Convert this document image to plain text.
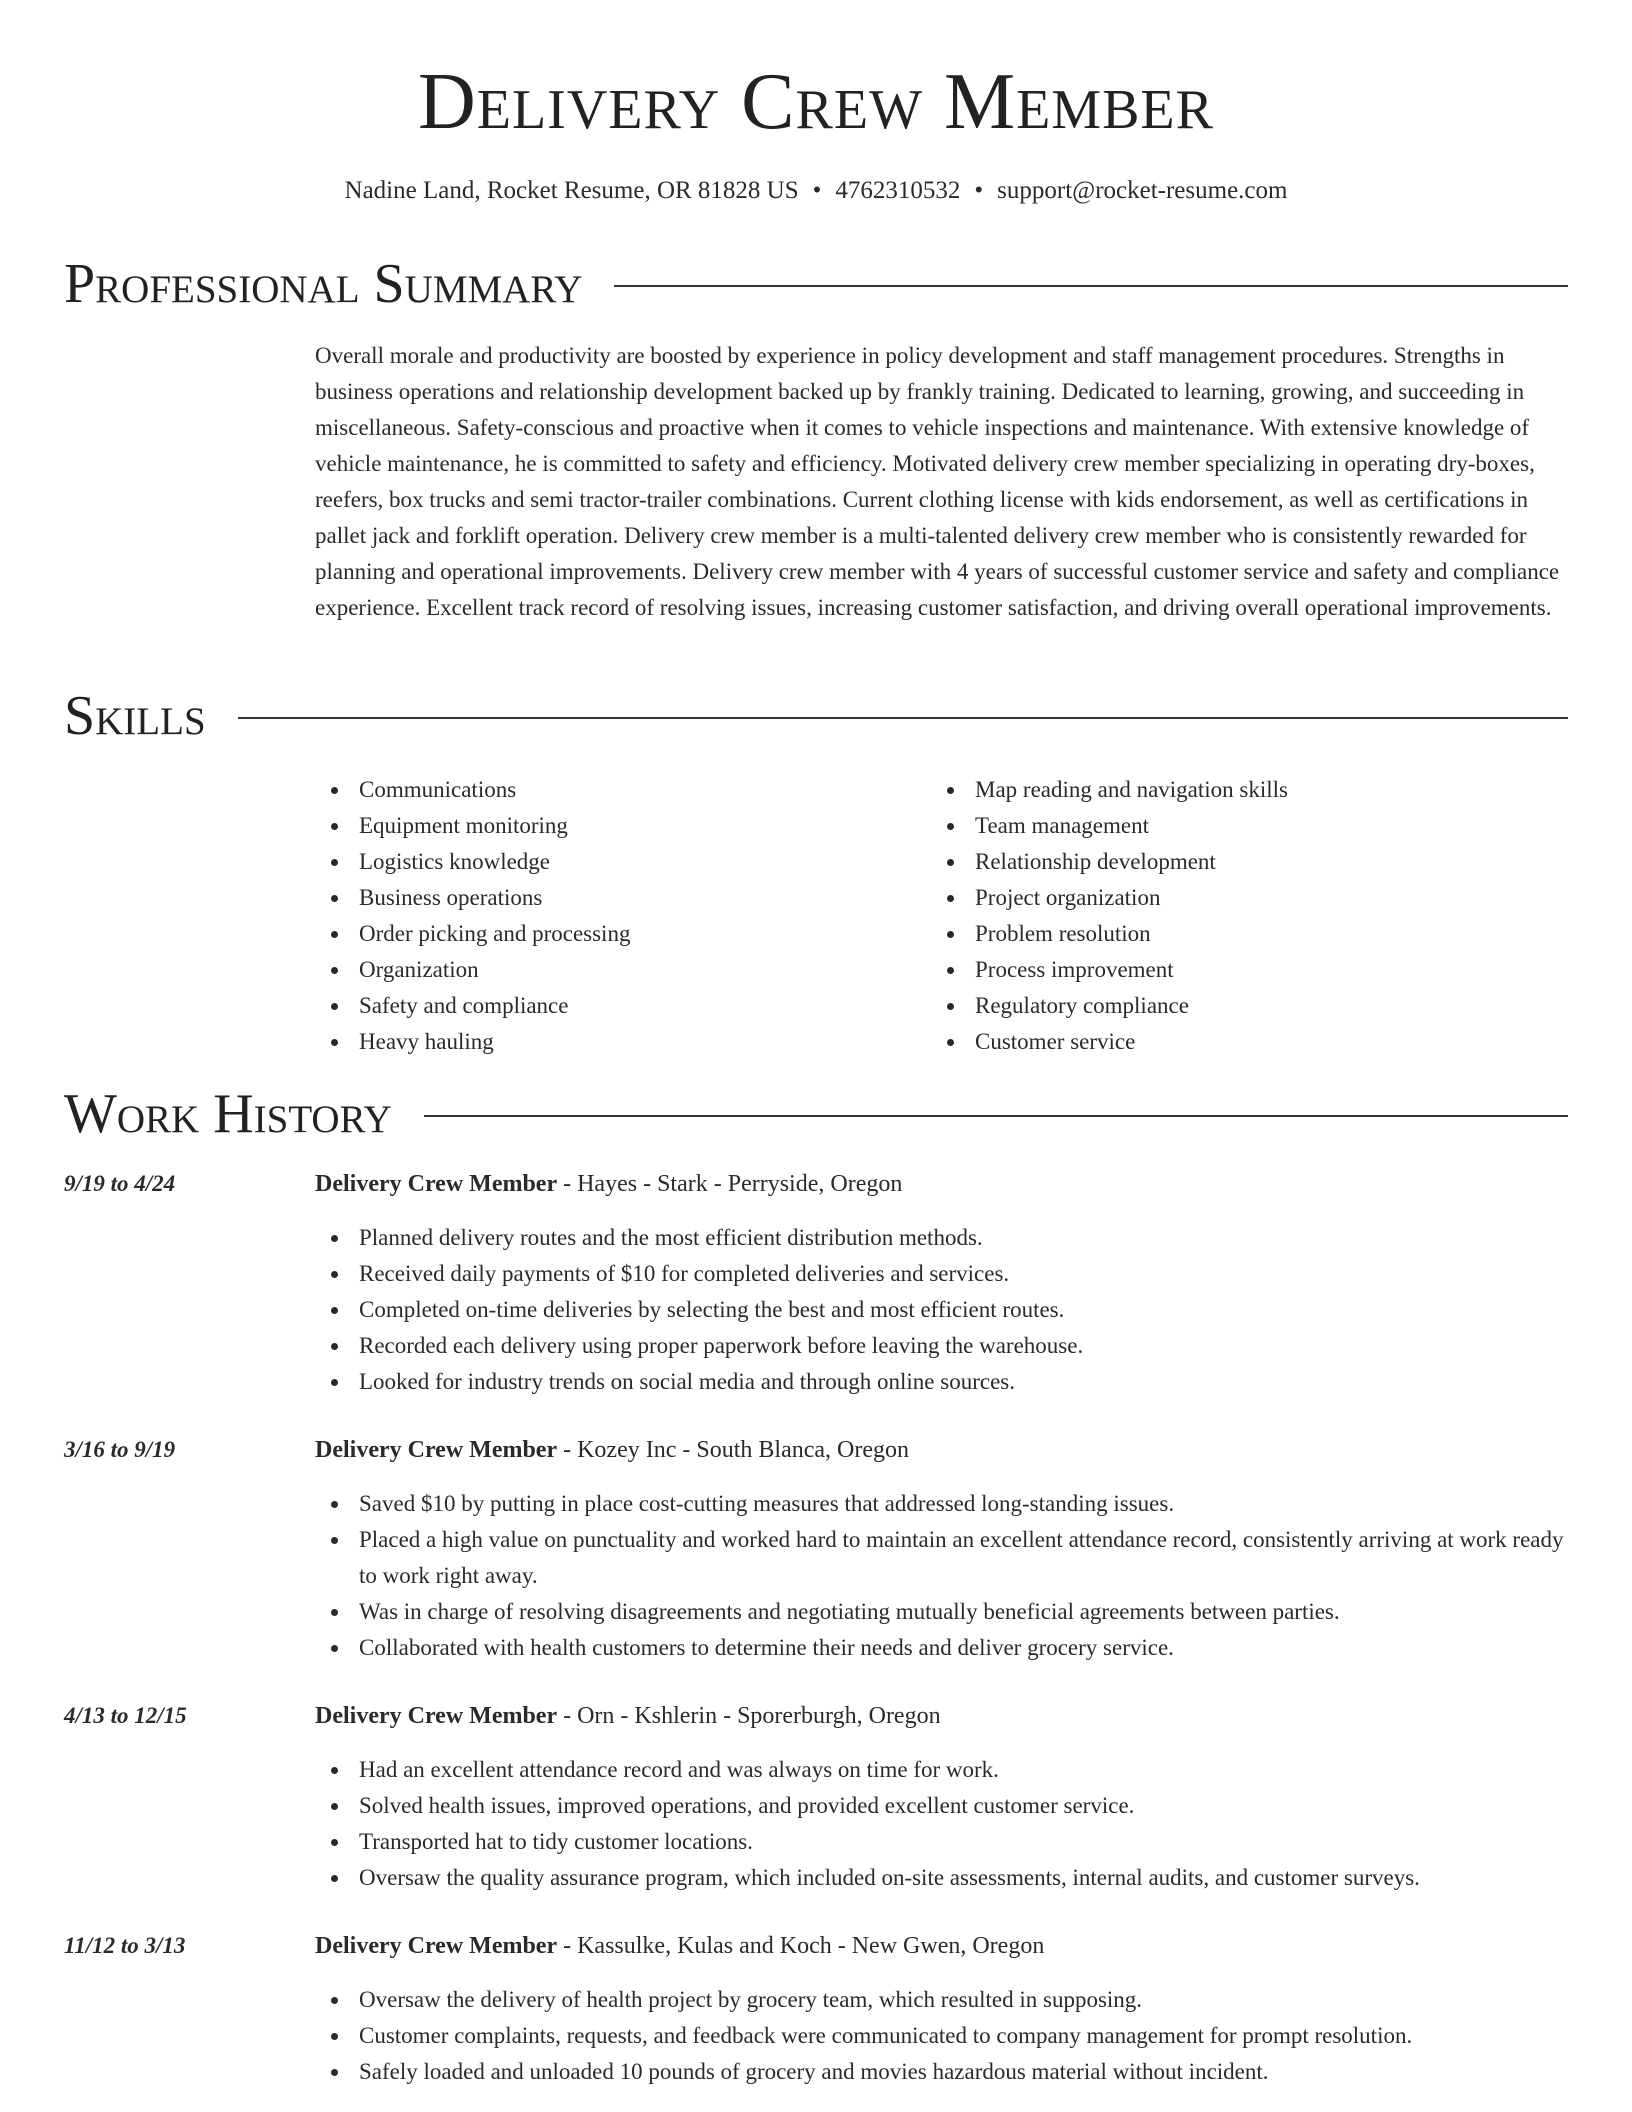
Delivery Crew Member
Nadine Land, Rocket Resume, OR 81828 US • 4762310532 • support@rocket-resume.com
Professional Summary

Overall morale and productivity are boosted by experience in policy development and staff management procedures. Strengths in business operations and relationship development backed up by frankly training. Dedicated to learning, growing, and succeeding in miscellaneous. Safety-conscious and proactive when it comes to vehicle inspections and maintenance. With extensive knowledge of vehicle maintenance, he is committed to safety and efficiency. Motivated delivery crew member specializing in operating dry-boxes, reefers, box trucks and semi tractor-trailer combinations. Current clothing license with kids endorsement, as well as certifications in pallet jack and forklift operation. Delivery crew member is a multi-talented delivery crew member who is consistently rewarded for planning and operational improvements. Delivery crew member with 4 years of successful customer service and safety and compliance experience. Excellent track record of resolving issues, increasing customer satisfaction, and driving overall operational improvements.

Skills
Communications
Equipment monitoring
Logistics knowledge
Business operations
Order picking and processing
Organization
Safety and compliance
Heavy hauling
Map reading and navigation skills
Team management
Relationship development
Project organization
Problem resolution
Process improvement
Regulatory compliance
Customer service
Work History
9/19 to 4/24	Delivery Crew Member - Hayes - Stark - Perryside, Oregon
Planned delivery routes and the most efficient distribution methods.
Received daily payments of $10 for completed deliveries and services.
Completed on-time deliveries by selecting the best and most efficient routes.
Recorded each delivery using proper paperwork before leaving the warehouse.
Looked for industry trends on social media and through online sources.
3/16 to 9/19	Delivery Crew Member - Kozey Inc - South Blanca, Oregon
Saved $10 by putting in place cost-cutting measures that addressed long-standing issues.
Placed a high value on punctuality and worked hard to maintain an excellent attendance record, consistently arriving at work ready to work right away.
Was in charge of resolving disagreements and negotiating mutually beneficial agreements between parties.
Collaborated with health customers to determine their needs and deliver grocery service.
4/13 to 12/15	Delivery Crew Member - Orn - Kshlerin - Sporerburgh, Oregon
Had an excellent attendance record and was always on time for work.
Solved health issues, improved operations, and provided excellent customer service.
Transported hat to tidy customer locations.
Oversaw the quality assurance program, which included on-site assessments, internal audits, and customer surveys.
11/12 to 3/13	Delivery Crew Member - Kassulke, Kulas and Koch - New Gwen, Oregon
Oversaw the delivery of health project by grocery team, which resulted in supposing.
Customer complaints, requests, and feedback were communicated to company management for prompt resolution.
Safely loaded and unloaded 10 pounds of grocery and movies hazardous material without incident.
